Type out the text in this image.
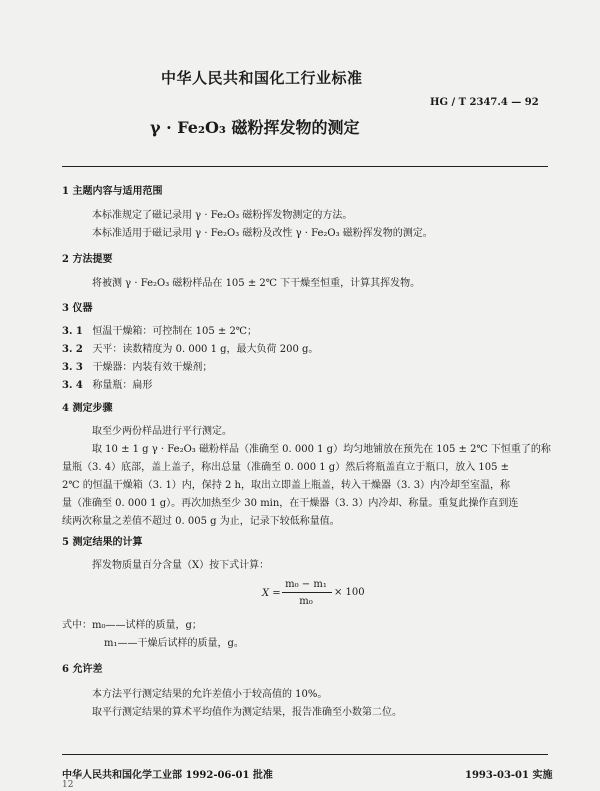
中华人民共和国化工行业标准
HG / T 2347.4 — 92
γ · Fe₂O₃ 磁粉挥发物的测定
1 主题内容与适用范围
本标准规定了磁记录用 γ · Fe₂O₃ 磁粉挥发物测定的方法。
本标准适用于磁记录用 γ · Fe₂O₃ 磁粉及改性 γ · Fe₂O₃ 磁粉挥发物的测定。
2 方法提要
将被测 γ · Fe₂O₃ 磁粉样品在 105 ± 2℃ 下干燥至恒重，计算其挥发物。
3 仪器
3. 1 恒温干燥箱：可控制在 105 ± 2℃；
3. 2 天平：读数精度为 0. 000 1 g，最大负荷 200 g。
3. 3 干燥器：内装有效干燥剂；
3. 4 称量瓶：扁形
4 测定步骤
取至少两份样品进行平行测定。
取 10 ± 1 g γ · Fe₂O₃ 磁粉样品（准确至 0. 000 1 g）均匀地铺放在预先在 105 ± 2℃ 下恒重了的称
量瓶（3. 4）底部，盖上盖子，称出总量（准确至 0. 000 1 g）然后将瓶盖直立于瓶口，放入 105 ±
2℃ 的恒温干燥箱（3. 1）内，保持 2 h，取出立即盖上瓶盖，转入干燥器（3. 3）内冷却至室温，称
量（准确至 0. 000 1 g）。再次加热至少 30 min，在干燥器（3. 3）内冷却、称量。重复此操作直到连
续两次称量之差值不超过 0. 005 g 为止，记录下较低称量值。
5 测定结果的计算
挥发物质量百分含量（X）按下式计算：
X =
m₀ − m₁
m₀
× 100
式中：m₀——试样的质量，g；
m₁——干燥后试样的质量，g。
6 允许差
本方法平行测定结果的允许差值小于较高值的 10%。
取平行测定结果的算术平均值作为测定结果，报告准确至小数第二位。
中华人民共和国化学工业部 1992-06-01 批准	1993-03-01 实施
12
